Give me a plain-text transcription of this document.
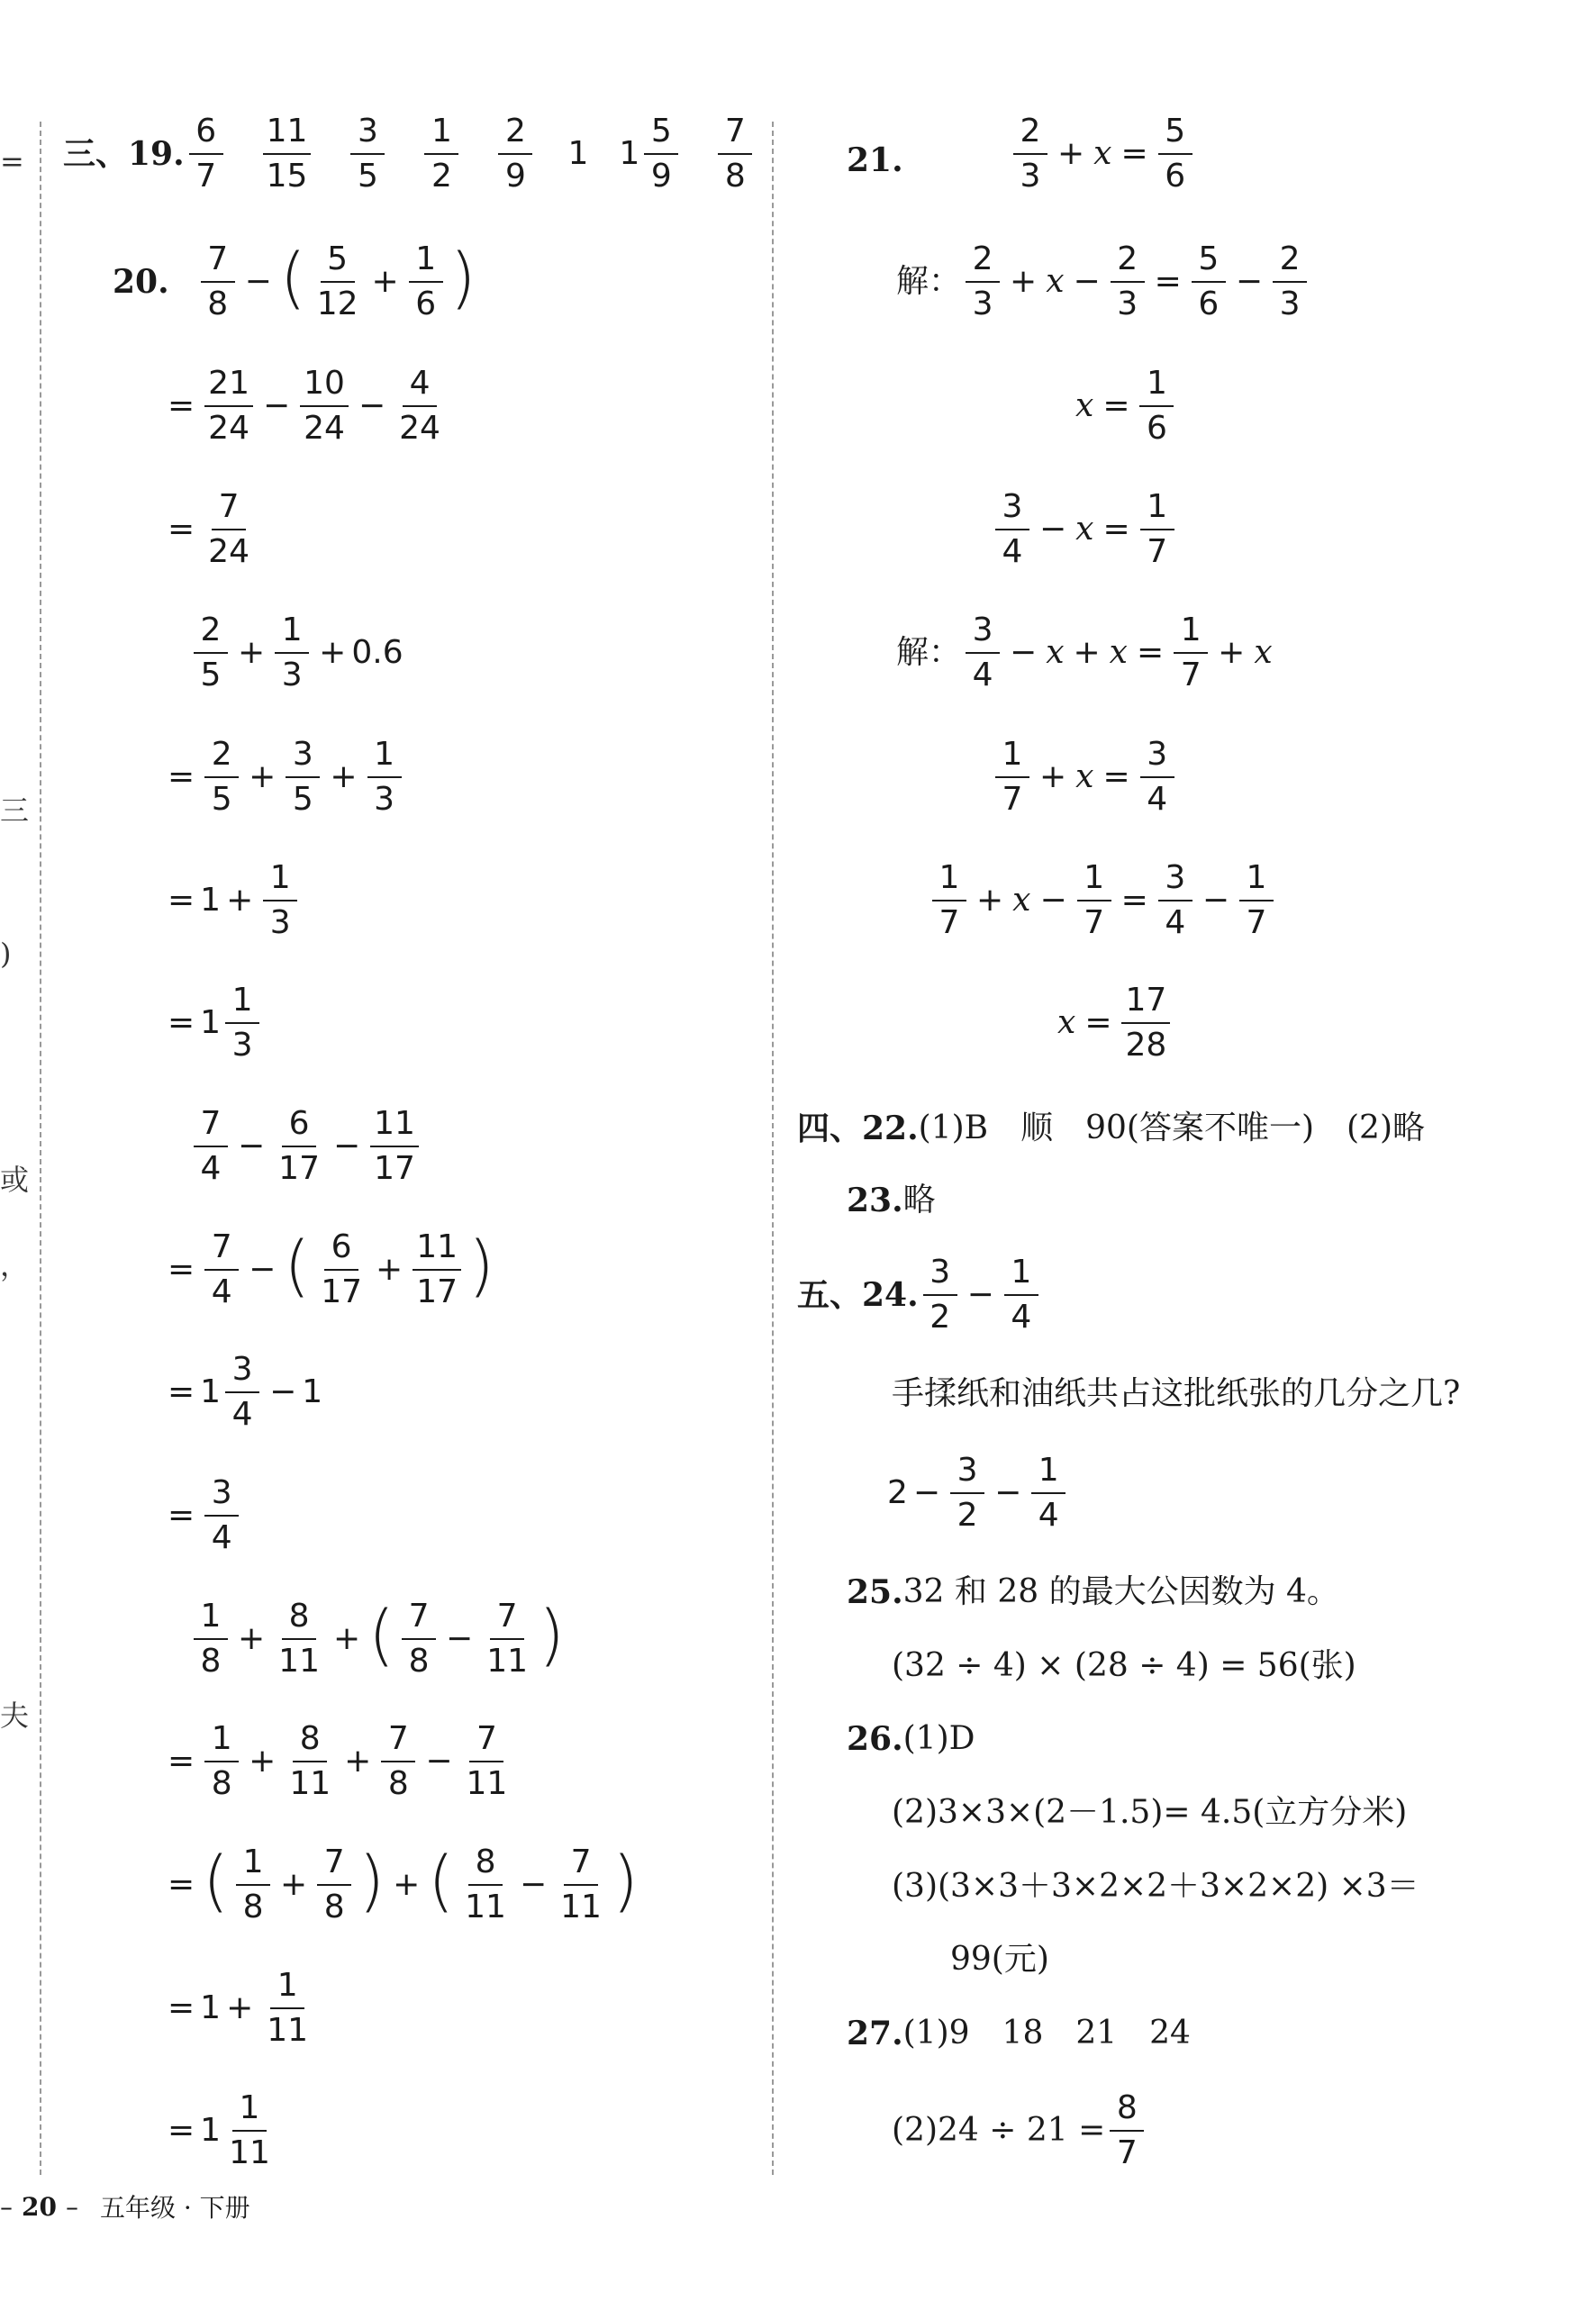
=
三
)
或
，
夫
三、19. $\frac{6}{7} \frac{11}{15} \frac{3}{5} \frac{1}{2} \frac{2}{9} 1$ $1 \frac{5}{9} \frac{7}{8}$
20. $\frac{7}{8}$ − ( $\frac{5}{12} + \frac{1}{6}$ )
= $\frac{21}{24} - \frac{10}{24} - \frac{4}{24}$
= $\frac{7}{24}$
$\frac{2}{5} + \frac{1}{3} + 0.6$
= $\frac{2}{5} + \frac{3}{5} + \frac{1}{3}$
= $1 + \frac{1}{3}$
= $1 \frac{1}{3}$
$\frac{7}{4} - \frac{6}{17} - \frac{11}{17}$
= $\frac{7}{4}$ − ( $\frac{6}{17} + \frac{11}{17}$ )
= $1 \frac{3}{4} - 1$
= $\frac{3}{4}$
$\frac{1}{8} + \frac{8}{11}$ + ( $\frac{7}{8} - \frac{7}{11}$ )
= $\frac{1}{8} + \frac{8}{11} + \frac{7}{8} - \frac{7}{11}$
= ( $\frac{1}{8} + \frac{7}{8}$ ) + ( $\frac{8}{11} - \frac{7}{11}$ )
= $1 + \frac{1}{11}$
= $1 \frac{1}{11}$
21.	$\frac{2}{3} + x = \frac{5}{6}$
解： $\frac{2}{3} + x - \frac{2}{3} = \frac{5}{6} - \frac{2}{3}$
$x = \frac{1}{6}$
$\frac{3}{4} - x = \frac{1}{7}$
解： $\frac{3}{4} - x + x = \frac{1}{7} + x$
$\frac{1}{7} + x = \frac{3}{4}$
$\frac{1}{7} + x - \frac{1}{7} = \frac{3}{4} - \frac{1}{7}$
$x = \frac{17}{28}$
四、22. (1)B　顺　90(答案不唯一)　(2)略
23. 略
五、24. $\frac{3}{2} - \frac{1}{4}$
手揉纸和油纸共占这批纸张的几分之几?
$2 - \frac{3}{2} - \frac{1}{4}$
25. 32 和 28 的最大公因数为 4。
(32 ÷ 4) × (28 ÷ 4) = 56(张)
26. (1)D
(2)3×3×(2－1.5)= 4.5(立方分米)
(3)(3×3＋3×2×2＋3×2×2) ×3＝
99(元)
27. (1)9　18　21　24
$(2)24 \div 21 = \frac{8}{7}$
– 20 – 五年级 · 下册
